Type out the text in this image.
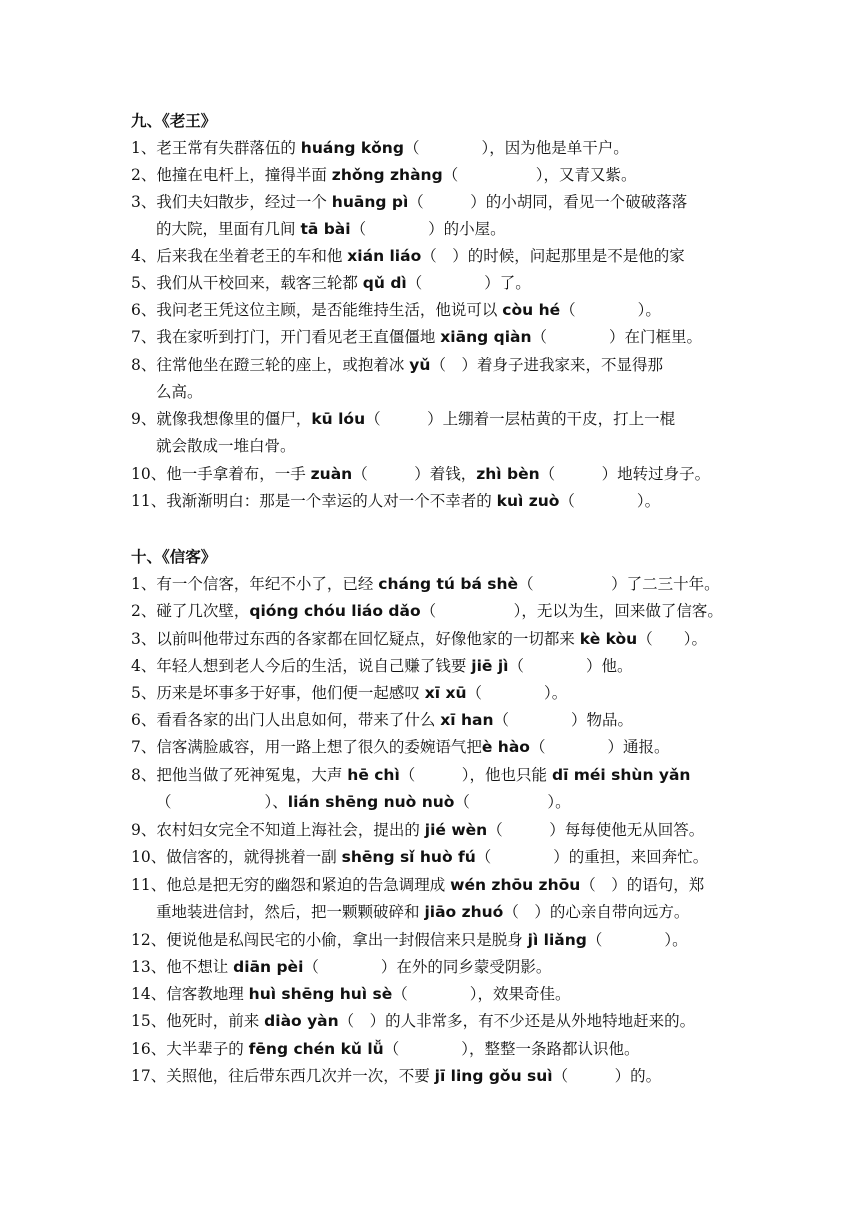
九、《老王》
1、老王常有失群落伍的 huáng kǒng（　　　　），因为他是单干户。
2、他撞在电杆上，撞得半面 zhǒng zhàng（　　　　　），又青又紫。
3、我们夫妇散步，经过一个 huāng pì（　　　）的小胡同，看见一个破破落落
的大院，里面有几间 tā bài（　　　　）的小屋。
4、后来我在坐着老王的车和他 xián liáo（　）的时候，问起那里是不是他的家
5、我们从干校回来，载客三轮都 qǔ dì（　　　　）了。
6、我问老王凭这位主顾，是否能维持生活，他说可以 còu hé（　　　　）。
7、我在家听到打门，开门看见老王直僵僵地 xiāng qiàn（　　　　）在门框里。
8、往常他坐在蹬三轮的座上，或抱着冰 yǔ（　）着身子进我家来，不显得那
么高。
9、就像我想像里的僵尸，kū lóu（　　　）上绷着一层枯黄的干皮，打上一棍
就会散成一堆白骨。
10、他一手拿着布，一手 zuàn（　　　）着钱，zhì bèn（　　　）地转过身子。
11、我渐渐明白：那是一个幸运的人对一个不幸者的 kuì zuò（　　　　）。
十、《信客》
1、有一个信客，年纪不小了，已经 cháng tú bá shè（　　　　　）了二三十年。
2、碰了几次壁，qióng chóu liáo dǎo（　　　　　），无以为生，回来做了信客。
3、以前叫他带过东西的各家都在回忆疑点，好像他家的一切都来 kè kòu（　　）。
4、年轻人想到老人今后的生活，说自己赚了钱要 jiē jì（　　　　）他。
5、历来是坏事多于好事，他们便一起感叹 xī xū（　　　　）。
6、看看各家的出门人出息如何，带来了什么 xī han（　　　　）物品。
7、信客满脸戚容，用一路上想了很久的委婉语气把è hào（　　　　）通报。
8、把他当做了死神冤鬼，大声 hē chì（　　　），他也只能 dī méi shùn yǎn
（　　　　　　）、lián shēng nuò nuò（　　　　　）。
9、农村妇女完全不知道上海社会，提出的 jié wèn（　　　）每每使他无从回答。
10、做信客的，就得挑着一副 shēng sǐ huò fú（　　　　）的重担，来回奔忙。
11、他总是把无穷的幽怨和紧迫的告急调理成 wén zhōu zhōu（　）的语句，郑
重地装进信封，然后，把一颗颗破碎和 jiāo zhuó（　）的心亲自带向远方。
12、便说他是私闯民宅的小偷，拿出一封假信来只是脱身 jì liǎng（　　　　）。
13、他不想让 diān pèi（　　　　）在外的同乡蒙受阴影。
14、信客教地理 huì shēng huì sè（　　　　），效果奇佳。
15、他死时，前来 diào yàn（　）的人非常多，有不少还是从外地特地赶来的。
16、大半辈子的 fēng chén kǔ lǚ（　　　　），整整一条路都认识他。
17、关照他，往后带东西几次并一次，不要 jī ling gǒu suì（　　　）的。
